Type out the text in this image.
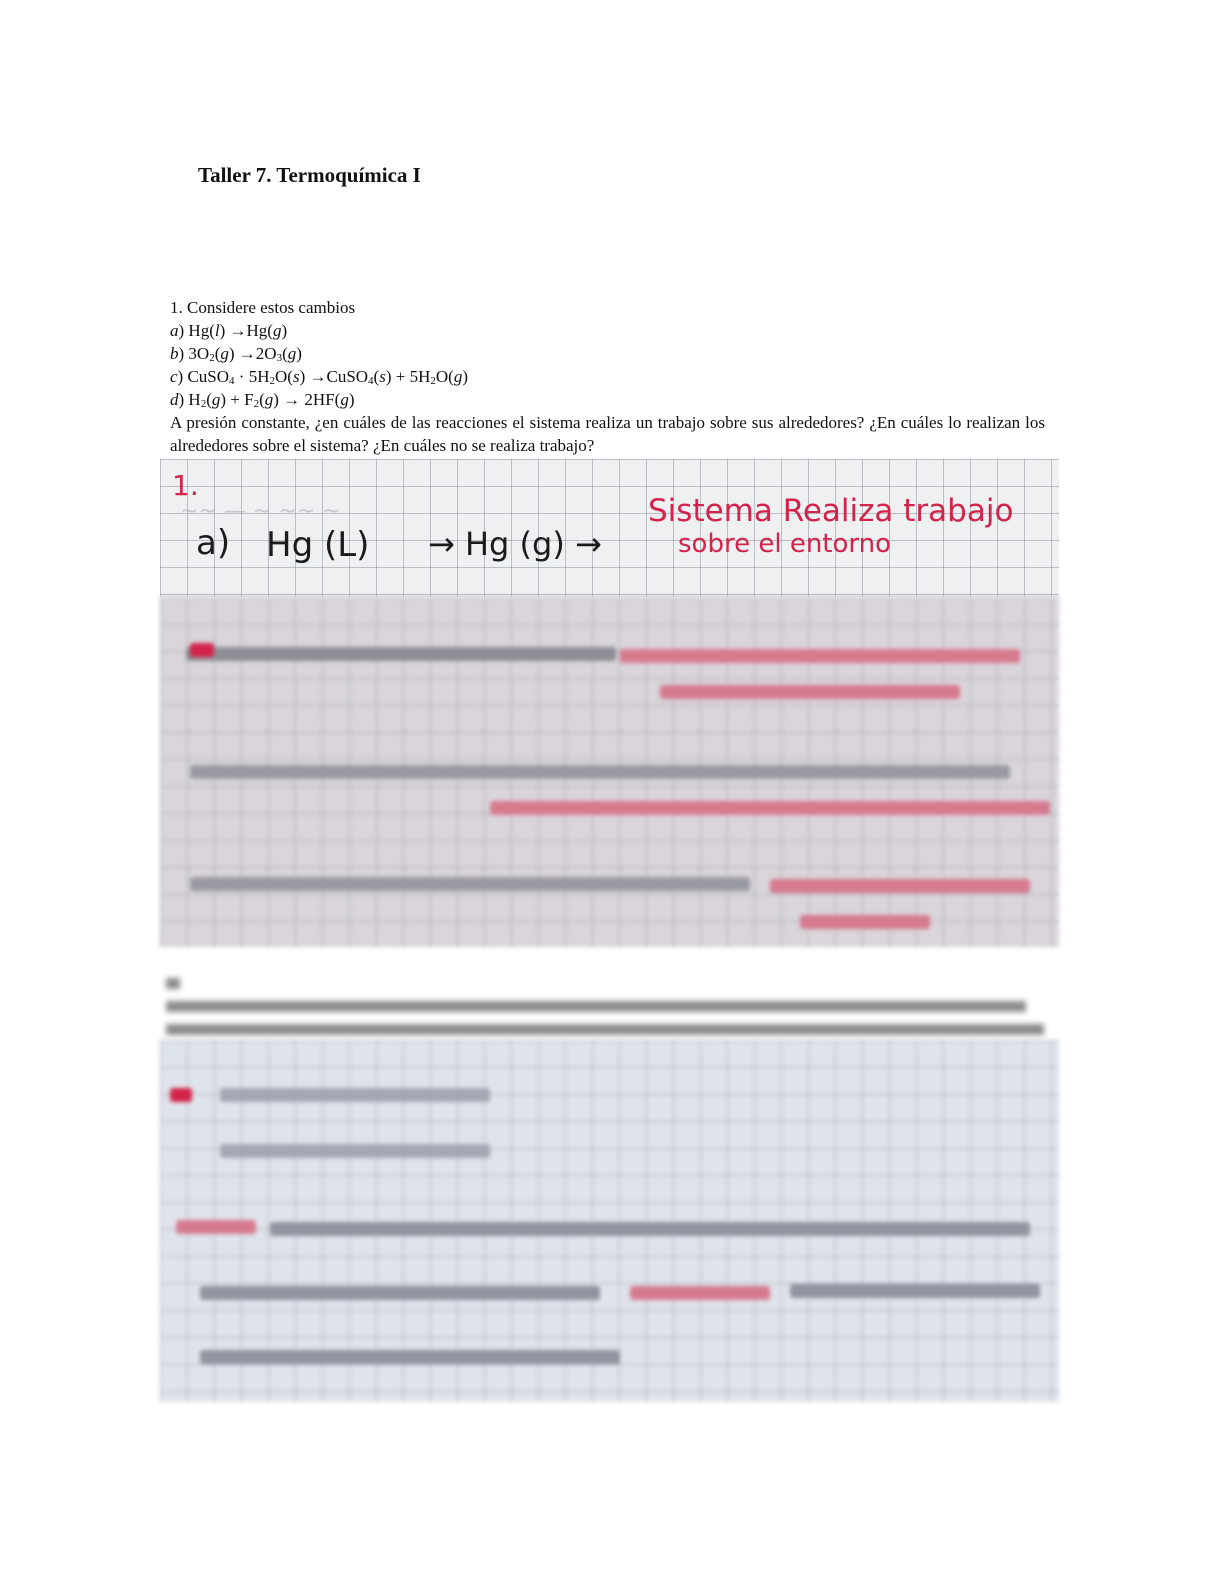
Taller 7. Termoquímica I

1. Considere estos cambios

a) Hg(l) →Hg(g)

b) $3O_2(g) \to 2O_3(g)$

c) CuSO$_4$ · $5H_2O(s)$ →CuSO$_4$(s) + $5H_2O(g)$

d) $H_2(g) + F_2(g) \to 2HF(g)$

A presión constante, ¿en cuáles de las reacciones el sistema realiza un trabajo sobre sus alrededores? ¿En cuáles lo realizan los alrededores sobre el sistema? ¿En cuáles no se realiza trabajo?

~~ — ~ ~~ ~
1.
a) Hg (L) → Hg (g) →
Sistema Realiza trabajo
sobre el entorno
